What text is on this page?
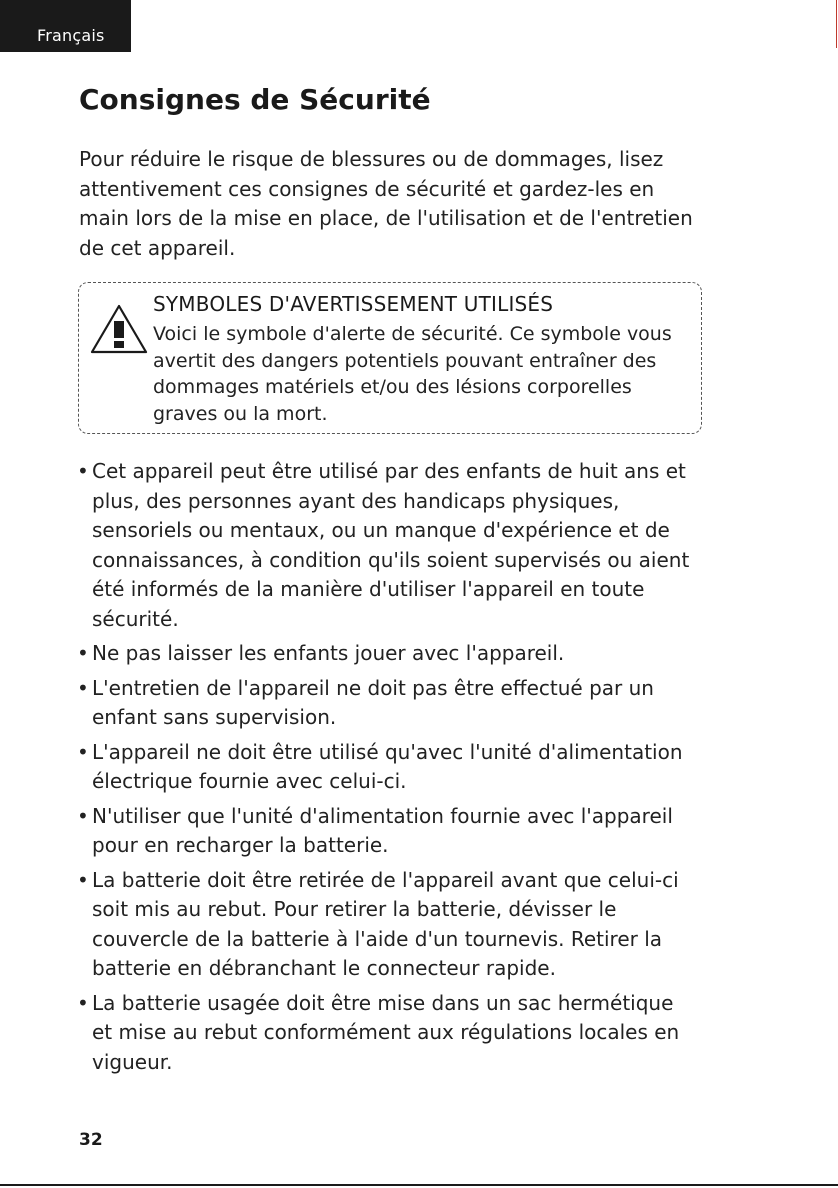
Français
Consignes de Sécurité

Pour réduire le risque de blessures ou de dommages, lisez attentivement ces consignes de sécurité et gardez-les en main lors de la mise en place, de l'utilisation et de l'entretien de cet appareil.

SYMBOLES D'AVERTISSEMENT UTILISÉS

Voici le symbole d'alerte de sécurité. Ce symbole vous avertit des dangers potentiels pouvant entraîner des dommages matériels et/ou des lésions corporelles graves ou la mort.

• Cet appareil peut être utilisé par des enfants de huit ans et plus, des personnes ayant des handicaps physiques, sensoriels ou mentaux, ou un manque d'expérience et de connaissances, à condition qu'ils soient supervisés ou aient été informés de la manière d'utiliser l'appareil en toute sécurité.
• Ne pas laisser les enfants jouer avec l'appareil.
• L'entretien de l'appareil ne doit pas être effectué par un enfant sans supervision.
• L'appareil ne doit être utilisé qu'avec l'unité d'alimentation électrique fournie avec celui-ci.
• N'utiliser que l'unité d'alimentation fournie avec l'appareil pour en recharger la batterie.
• La batterie doit être retirée de l'appareil avant que celui-ci soit mis au rebut. Pour retirer la batterie, dévisser le couvercle de la batterie à l'aide d'un tournevis. Retirer la batterie en débranchant le connecteur rapide.
• La batterie usagée doit être mise dans un sac hermétique et mise au rebut conformément aux régulations locales en vigueur.
32
